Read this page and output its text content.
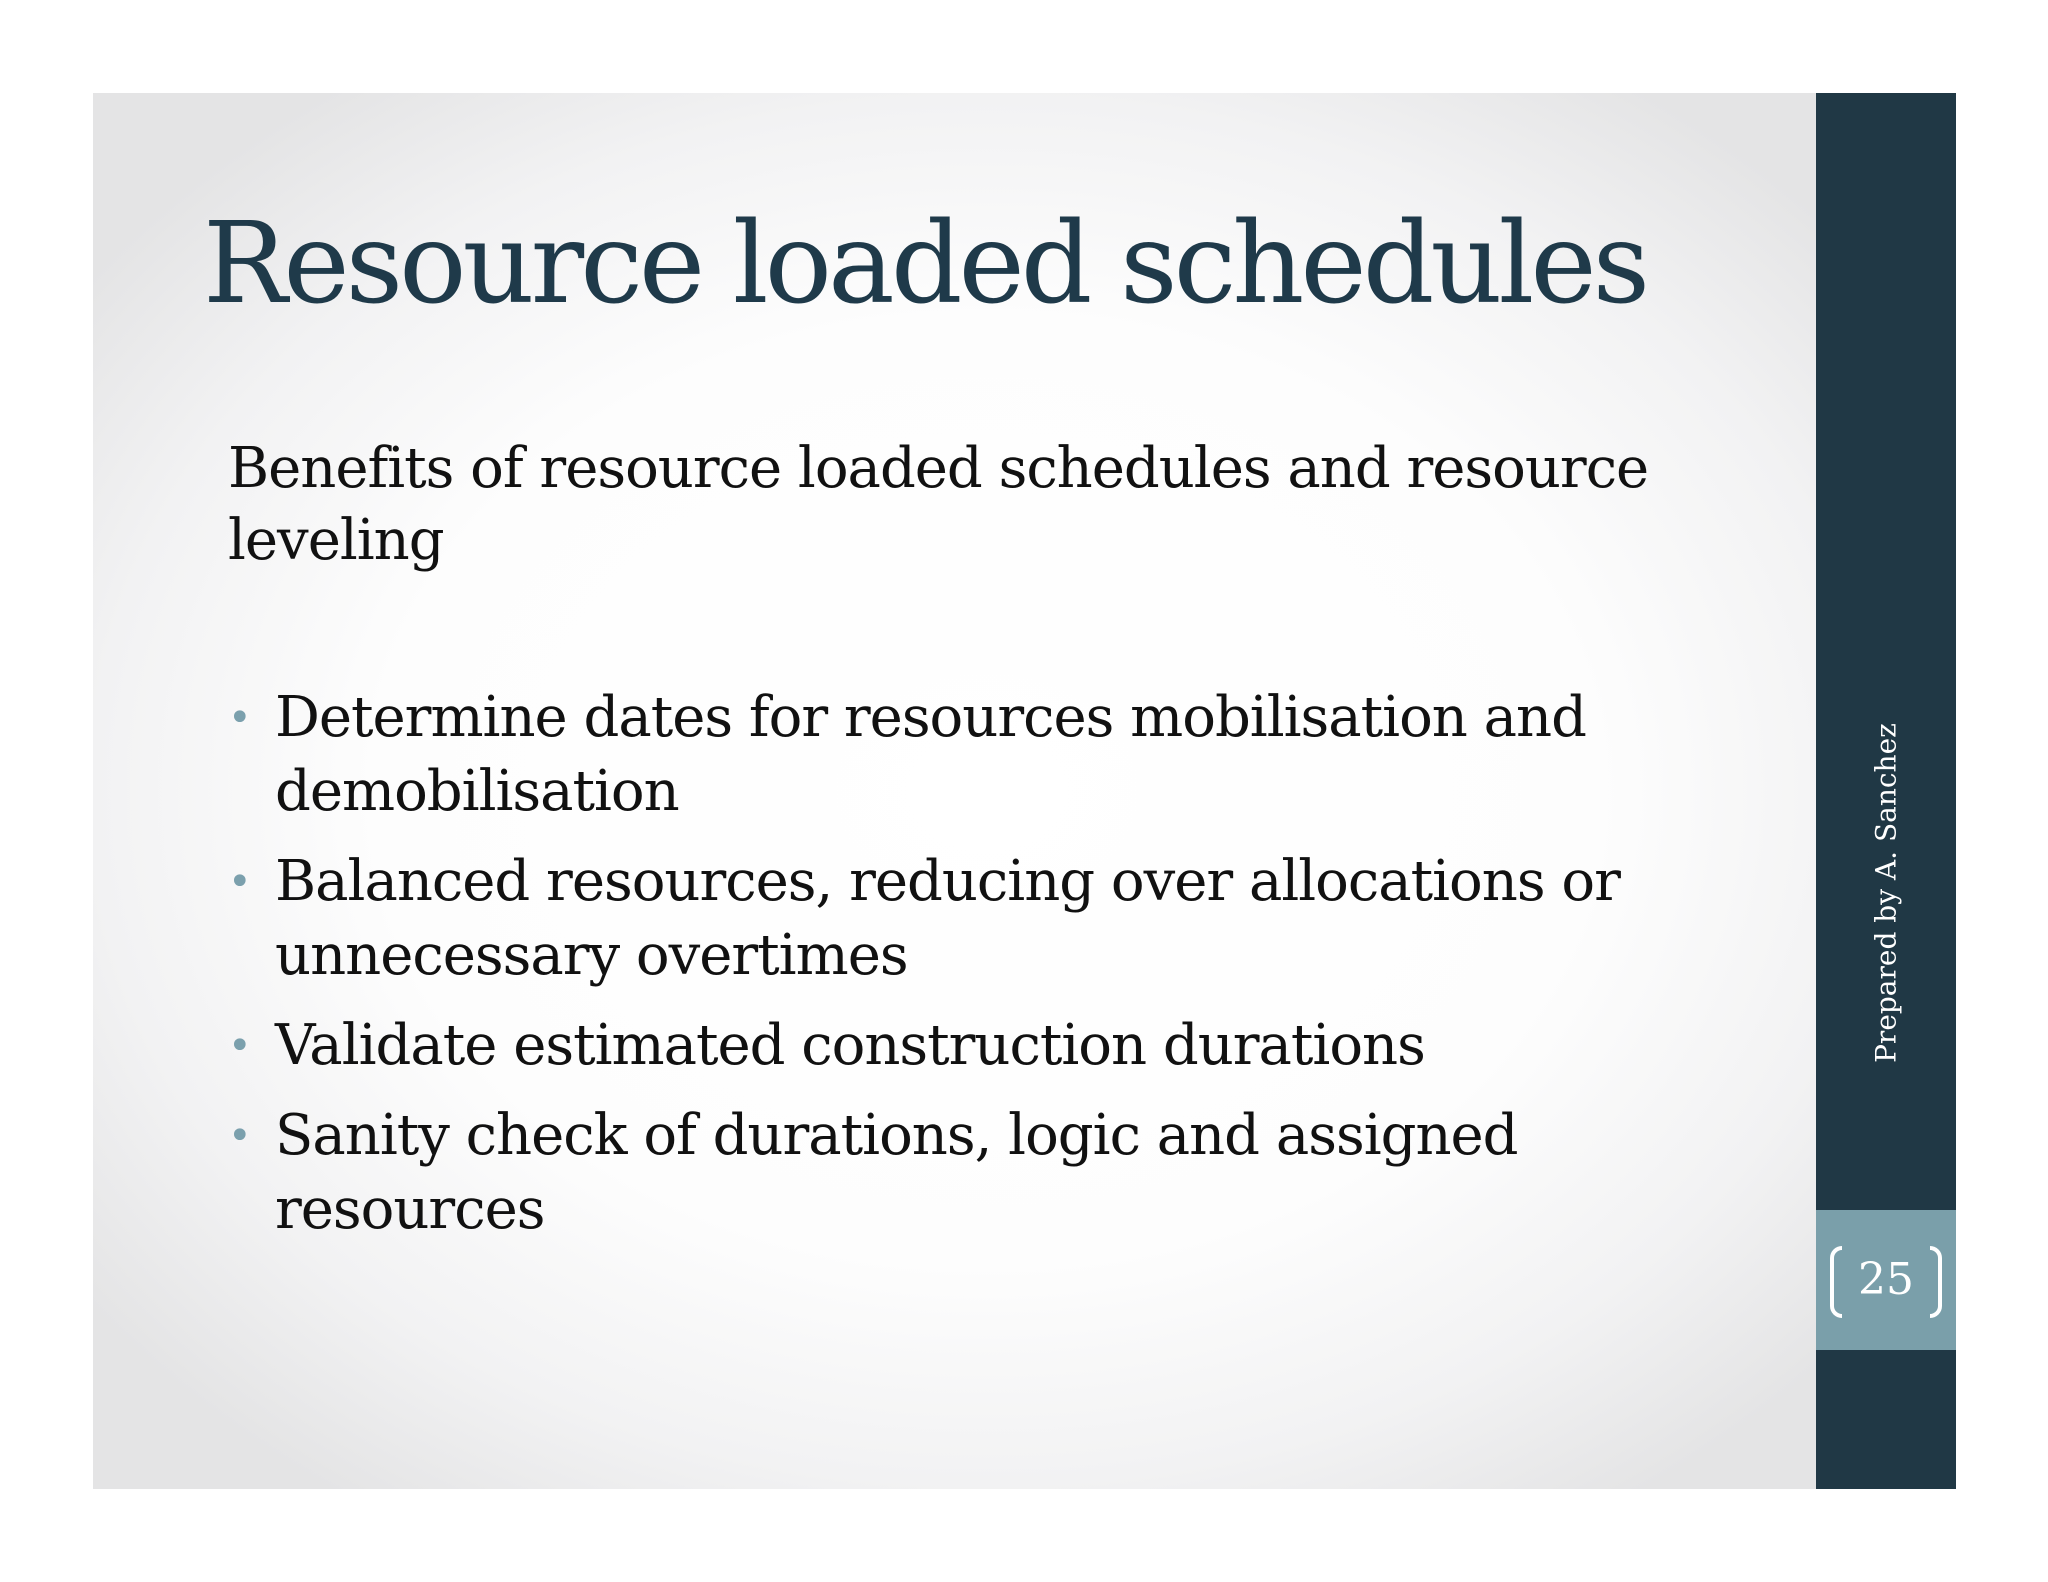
Resource loaded schedules

Benefits of resource loaded schedules and resource leveling

• Determine dates for resources mobilisation and demobilisation
• Balanced resources, reducing over allocations or unnecessary overtimes
• Validate estimated construction durations
• Sanity check of durations, logic and assigned resources
Prepared by A. Sanchez
25
